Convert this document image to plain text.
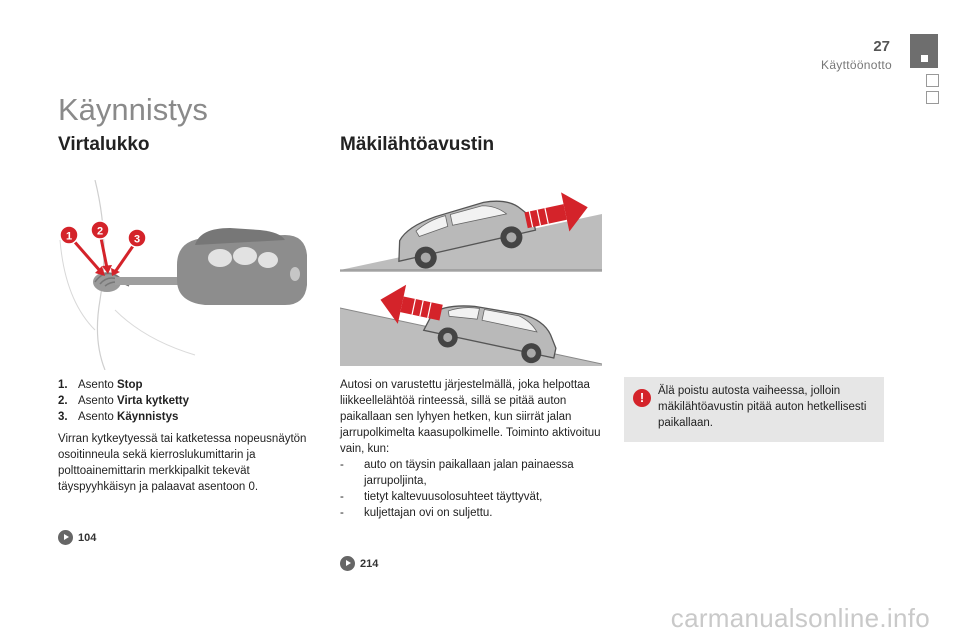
27
Käyttöönotto
Käynnistys
Virtalukko	Mäkilähtöavustin
1 2
3
1. Asento
Stop
2. Asento
Virta kytketty
3. Asento
Käynnistys

Virran kytkeytyessä tai katketessa nopeusnäytön osoitinneula sekä kierroslukumittarin ja polttoainemittarin merkkipalkit tekevät täyspyyhkäisyn ja palaavat asentoon 0.

104

Autosi on varustettu järjestelmällä, joka helpottaa liikkeellelähtöä rinteessä, sillä se pitää auton paikallaan sen lyhyen hetken, kun siirrät jalan jarrupolkimelta kaasupolkimelle. Toiminto aktivoituu vain, kun:

- auto on täysin paikallaan jalan painaessa jarrupoljinta,
- tietyt kaltevuusolosuhteet täyttyvät,
- kuljettajan ovi on suljettu.
214
!	Älä poistu autosta vaiheessa, jolloin mäkilähtöavustin pitää auton hetkellisesti paikallaan.

carmanualsonline.info
